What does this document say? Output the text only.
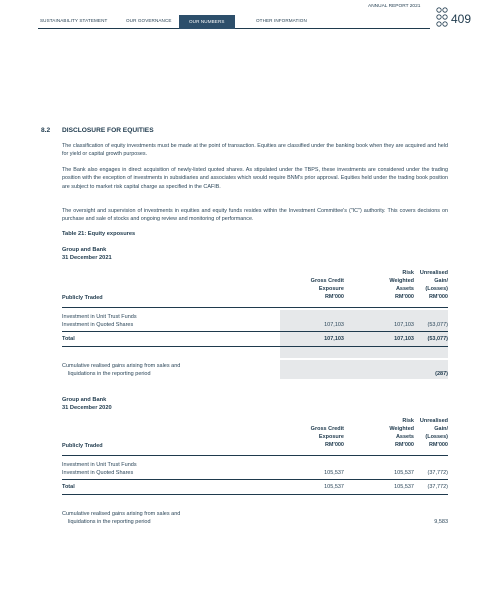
SUSTAINABILITY STATEMENT	OUR GOVERNANCE	OUR NUMBERS	OTHER INFORMATION
ANNUAL REPORT 2021
409
8.2 DISCLOSURE FOR EQUITIES

The classification of equity investments must be made at the point of transaction. Equities are classified under the banking book when they are acquired and held for yield or capital growth purposes.

The Bank also engages in direct acquisition of newly-listed quoted shares. As stipulated under the TBPS, these investments are considered under the trading position with the exception of investments in subsidiaries and associates which would require BNM's prior approval. Equities held under the trading book position are subject to market risk capital charge as specified in the CAFIB.

The oversight and supervision of investments in equities and equity funds resides within the Investment Committee's ("IC") authority. This covers decisions on purchase and sale of stocks and ongoing review and monitoring of performance.

Table 21: Equity exposures
Group and Bank
31 December 2021
Publicly Traded
Gross Credit
Exposure
RM'000
Risk
Weighted
Assets
RM'000
Unrealised
Gain/
(Losses)
RM'000
Investment in Unit Trust Funds
Investment in Quoted Shares	107,103	107,103	(53,077)
Total	107,103	107,103	(53,077)
Cumulative realised gains arising from sales and
liquidations in the reporting period	(287)
Group and Bank
31 December 2020
Publicly Traded
Gross Credit
Exposure
RM'000
Risk
Weighted
Assets
RM'000
Unrealised
Gain/
(Losses)
RM'000
Investment in Unit Trust Funds
Investment in Quoted Shares	105,537	105,537	(37,772)
Total	105,537	105,537	(37,772)
Cumulative realised gains arising from sales and
liquidations in the reporting period	9,583
